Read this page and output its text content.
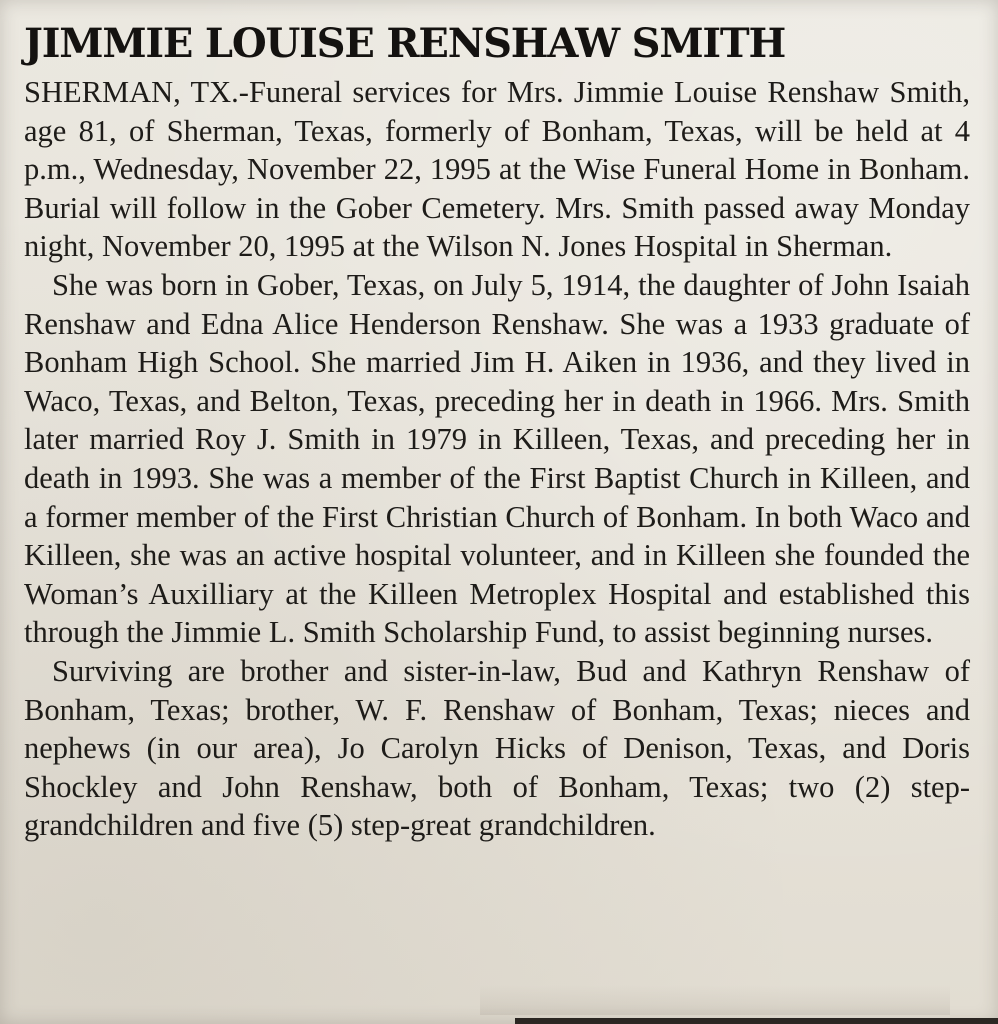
JIMMIE LOUISE RENSHAW SMITH

SHERMAN, TX.-Funeral services for Mrs. Jimmie Louise Renshaw Smith, age 81, of Sherman, Texas, formerly of Bonham, Texas, will be held at 4 p.m., Wednesday, November 22, 1995 at the Wise Funeral Home in Bonham. Burial will follow in the Gober Cemetery. Mrs. Smith passed away Monday night, November 20, 1995 at the Wilson N. Jones Hospital in Sherman.

She was born in Gober, Texas, on July 5, 1914, the daughter of John Isaiah Renshaw and Edna Alice Henderson Renshaw. She was a 1933 graduate of Bonham High School. She married Jim H. Aiken in 1936, and they lived in Waco, Texas, and Belton, Texas, preceding her in death in 1966. Mrs. Smith later married Roy J. Smith in 1979 in Killeen, Texas, and preceding her in death in 1993. She was a member of the First Baptist Church in Killeen, and a former member of the First Christian Church of Bonham. In both Waco and Killeen, she was an active hospital volunteer, and in Killeen she founded the Woman’s Auxilliary at the Killeen Metroplex Hospital and established this through the Jimmie L. Smith Scholarship Fund, to assist beginning nurses.

Surviving are brother and sister-in-law, Bud and Kathryn Renshaw of Bonham, Texas; brother, W. F. Renshaw of Bonham, Texas; nieces and nephews (in our area), Jo Carolyn Hicks of Denison, Texas, and Doris Shockley and John Renshaw, both of Bonham, Texas; two (2) step-grandchildren and five (5) step-great grandchildren.
